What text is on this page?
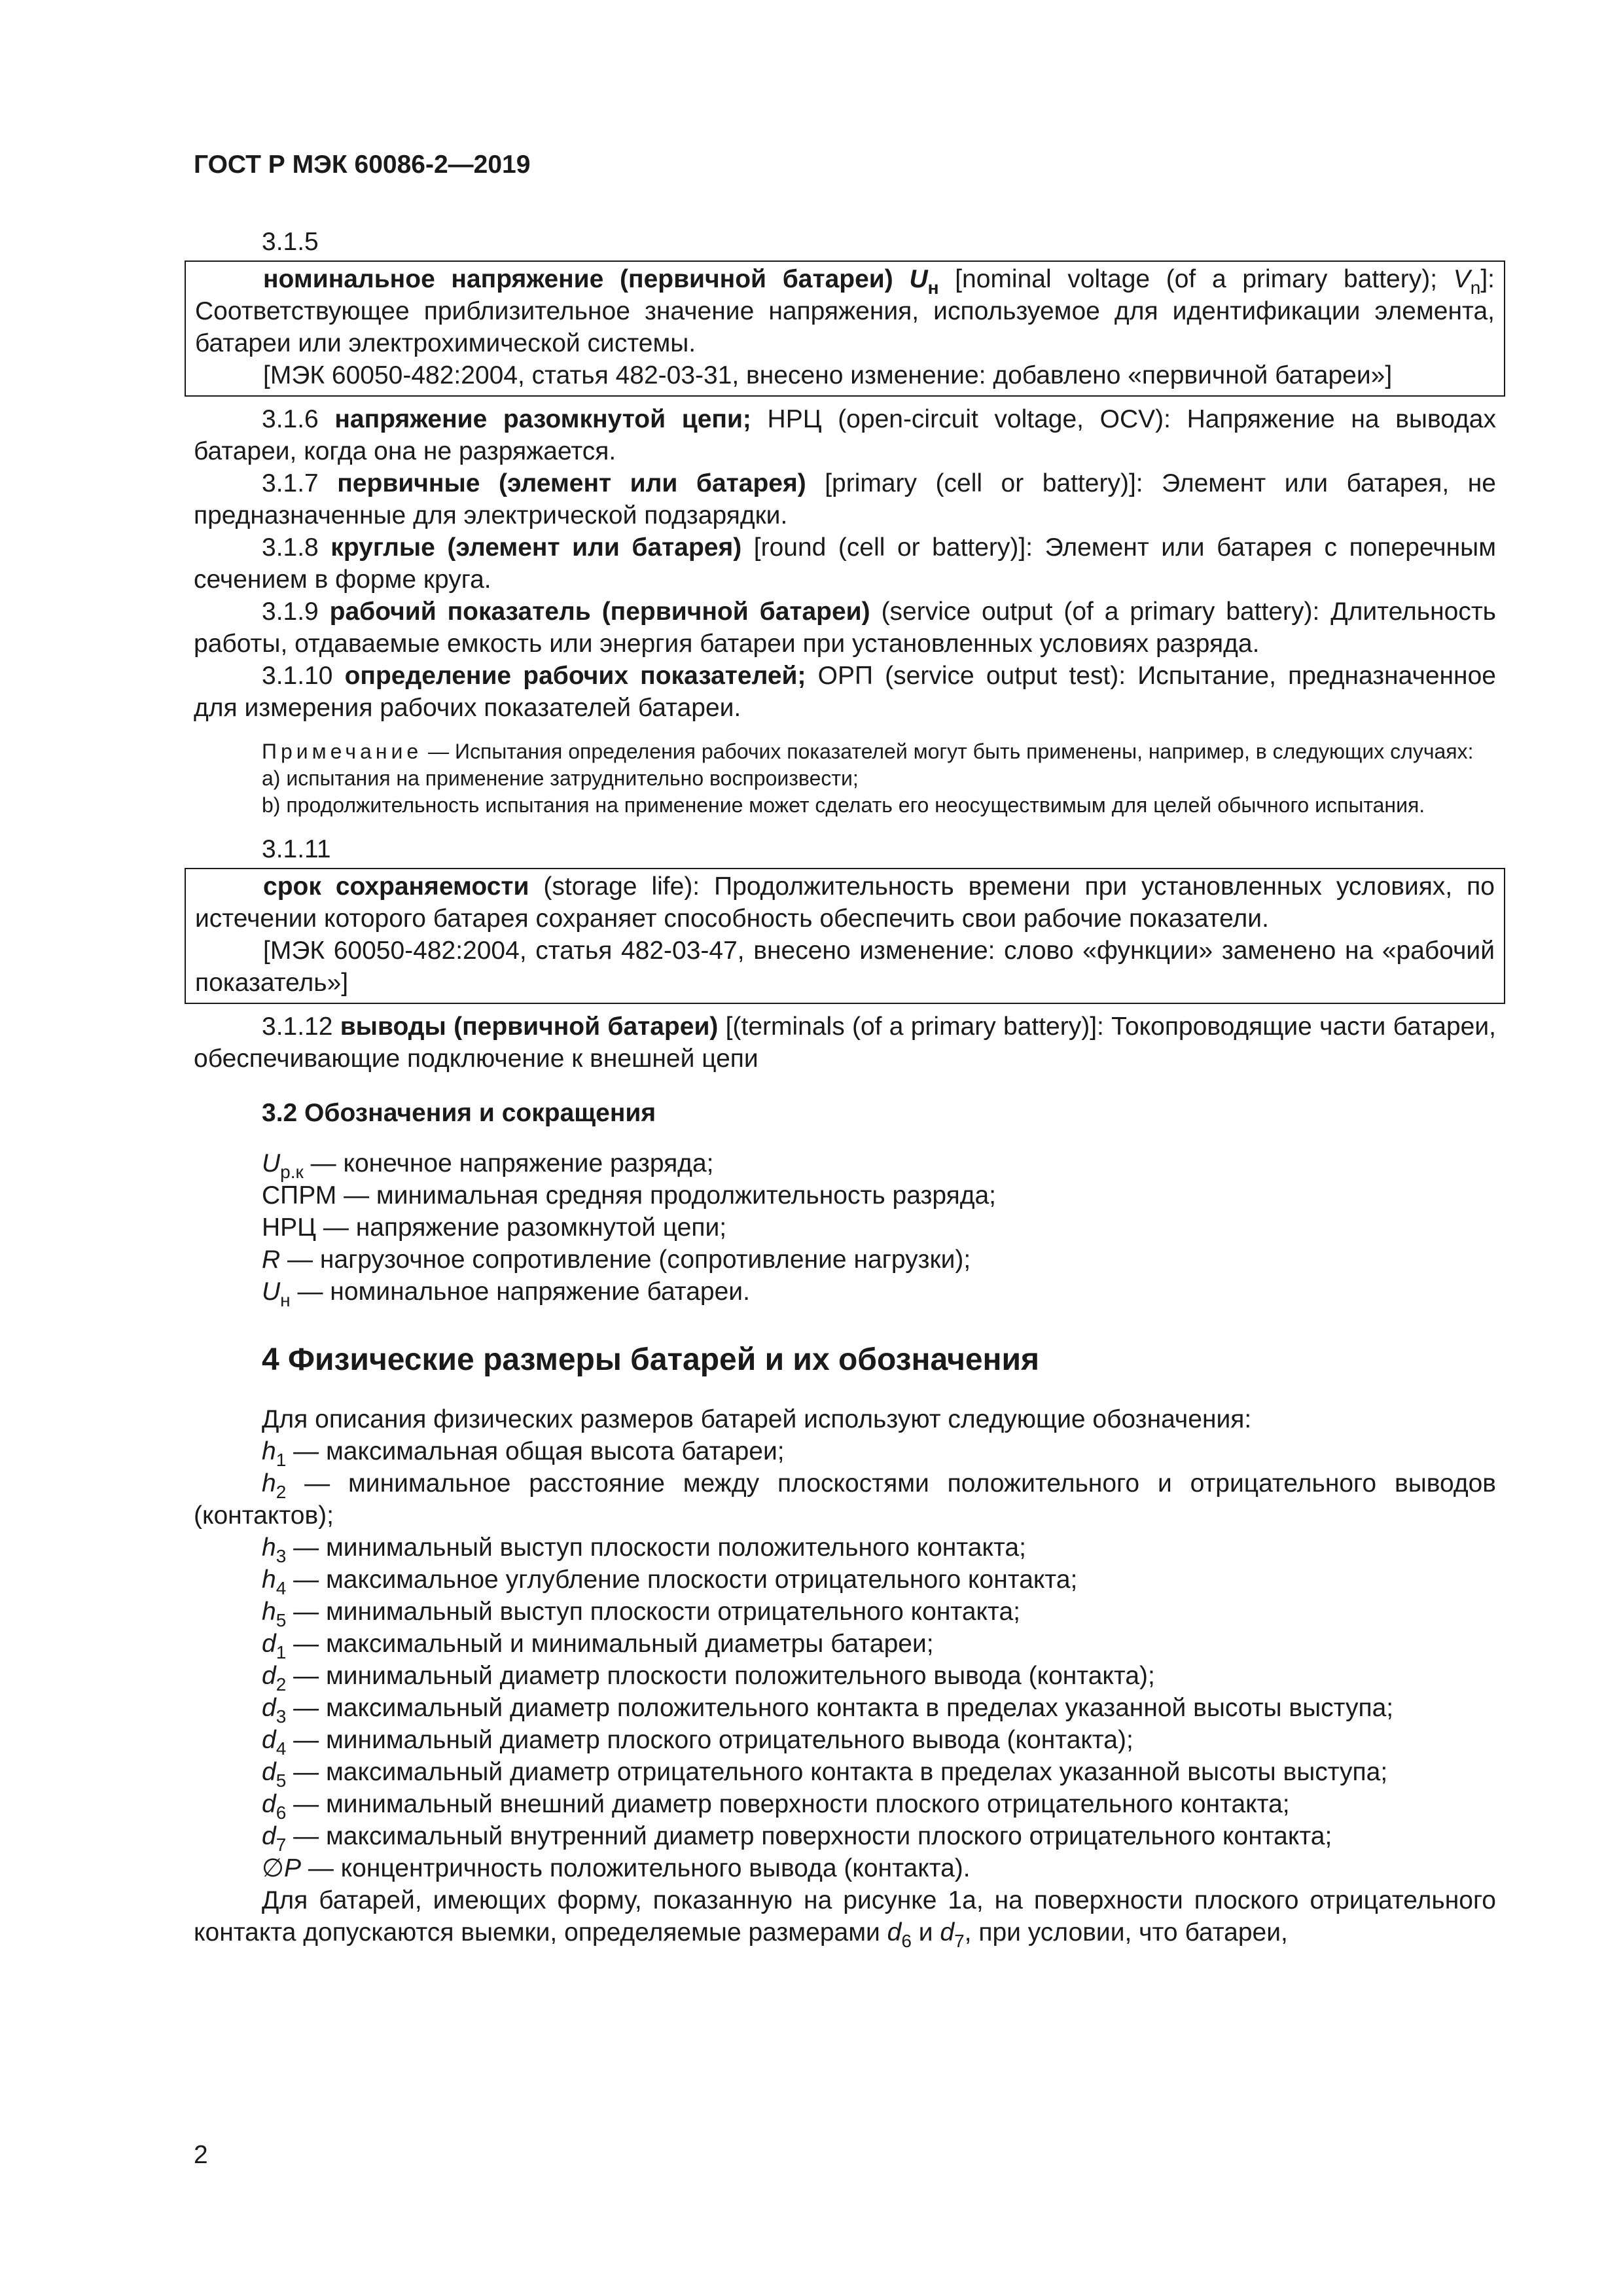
ГОСТ Р МЭК 60086-2—2019
3.1.5

номинальное напряжение (первичной батареи) $U_н$ [nominal voltage (of a primary battery); $V_n$]: Соответствующее приблизительное значение напряжения, используемое для идентификации элемента, батареи или электрохимической системы.

[МЭК 60050-482:2004, статья 482-03-31, внесено изменение: добавлено «первичной батареи»]

3.1.6 напряжение разомкнутой цепи; НРЦ (open-circuit voltage, OCV): Напряжение на выводах батареи, когда она не разряжается.

3.1.7 первичные (элемент или батарея) [primary (cell or battery)]: Элемент или батарея, не предназначенные для электрической подзарядки.

3.1.8 круглые (элемент или батарея) [round (cell or battery)]: Элемент или батарея с поперечным сечением в форме круга.

3.1.9 рабочий показатель (первичной батареи) (service output (of a primary battery): Длительность работы, отдаваемые емкость или энергия батареи при установленных условиях разряда.

3.1.10 определение рабочих показателей; ОРП (service output test): Испытание, предназначенное для измерения рабочих показателей батареи.

Примечание — Испытания определения рабочих показателей могут быть применены, например, в следующих случаях:

а) испытания на применение затруднительно воспроизвести;

b) продолжительность испытания на применение может сделать его неосуществимым для целей обычного испытания.

3.1.11

срок сохраняемости (storage life): Продолжительность времени при установленных условиях, по истечении которого батарея сохраняет способность обеспечить свои рабочие показатели.

[МЭК 60050-482:2004, статья 482-03-47, внесено изменение: слово «функции» заменено на «рабочий показатель»]

3.1.12 выводы (первичной батареи) [(terminals (of a primary battery)]: Токопроводящие части батареи, обеспечивающие подключение к внешней цепи

3.2 Обозначения и сокращения

$U_{р.к}$ — конечное напряжение разряда;

СПРМ — минимальная средняя продолжительность разряда;

НРЦ — напряжение разомкнутой цепи;

R — нагрузочное сопротивление (сопротивление нагрузки);

$U_н$ — номинальное напряжение батареи.

4 Физические размеры батарей и их обозначения

Для описания физических размеров батарей используют следующие обозначения:

$h_1$ — максимальная общая высота батареи;

$h_2$ — минимальное расстояние между плоскостями положительного и отрицательного выводов (контактов);

$h_3$ — минимальный выступ плоскости положительного контакта;

$h_4$ — максимальное углубление плоскости отрицательного контакта;

$h_5$ — минимальный выступ плоскости отрицательного контакта;

$d_1$ — максимальный и минимальный диаметры батареи;

$d_2$ — минимальный диаметр плоскости положительного вывода (контакта);

$d_3$ — максимальный диаметр положительного контакта в пределах указанной высоты выступа;

$d_4$ — минимальный диаметр плоского отрицательного вывода (контакта);

$d_5$ — максимальный диаметр отрицательного контакта в пределах указанной высоты выступа;

$d_6$ — минимальный внешний диаметр поверхности плоского отрицательного контакта;

$d_7$ — максимальный внутренний диаметр поверхности плоского отрицательного контакта;

∅P — концентричность положительного вывода (контакта).

Для батарей, имеющих форму, показанную на рисунке 1а, на поверхности плоского отрицательного контакта допускаются выемки, определяемые размерами $d_6$ и $d_7$, при условии, что батареи,

2
